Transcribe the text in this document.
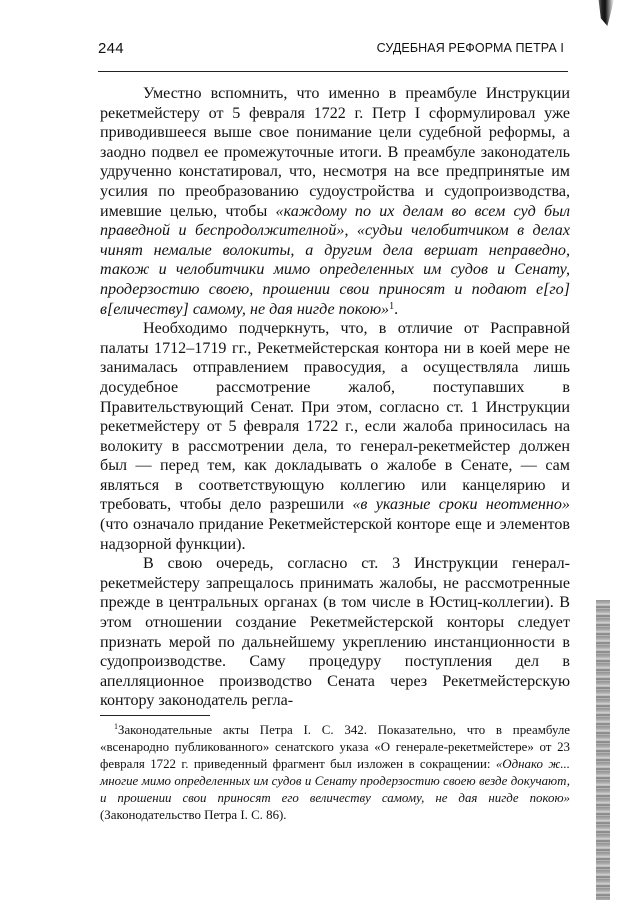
244	СУДЕБНАЯ РЕФОРМА ПЕТРА I

Уместно вспомнить, что именно в преамбуле Инструкции рекетмейстеру от 5 февраля 1722 г. Петр I сформулировал уже приводившееся выше свое понимание цели судебной реформы, а заодно подвел ее промежуточные итоги. В преамбуле законодатель удрученно констатировал, что, несмотря на все предпринятые им усилия по преобразованию судоустройства и судопроизводства, имевшие целью, чтобы «каждому по их делам во всем суд был праведной и беспродолжителной», «судьи челобитчиком в делах чинят немалые волокиты, а другим дела вершат неправедно, також и челобитчики мимо определенных им судов и Сенату, продерзостию своею, прошении свои приносят и подают е[го] в[еличеству] самому, не дая нигде покою»$^1$.

Необходимо подчеркнуть, что, в отличие от Расправной палаты 1712–1719 гг., Рекетмейстерская контора ни в коей мере не занималась отправлением правосудия, а осуществляла лишь досудебное рассмотрение жалоб, поступавших в Правительствующий Сенат. При этом, согласно ст. 1 Инструкции рекетмейстеру от 5 февраля 1722 г., если жалоба приносилась на волокиту в рассмотрении дела, то генерал-рекетмейстер должен был — перед тем, как докладывать о жалобе в Сенате, — сам являться в соответствующую коллегию или канцелярию и требовать, чтобы дело разрешили «в указные сроки неотменно» (что означало придание Рекетмейстерской конторе еще и элементов надзорной функции).

В свою очередь, согласно ст. 3 Инструкции генерал-рекетмейстеру запрещалось принимать жалобы, не рассмотренные прежде в центральных органах (в том числе в Юстиц-коллегии). В этом отношении создание Рекетмейстерской конторы следует признать мерой по дальнейшему укреплению инстанционности в судопроизводстве. Саму процедуру поступления дел в апелляционное производство Сената через Рекетмейстерскую контору законодатель регла-

$^1$Законодательные акты Петра I. С. 342. Показательно, что в преамбуле «всенародно публикованного» сенатского указа «О генерале-рекетмейстере» от 23 февраля 1722 г. приведенный фрагмент был изложен в сокращении: «Однако ж... многие мимо определенных им судов и Сенату продерзостию своею везде докучают, и прошении свои приносят его величеству самому, не дая нигде покою» (Законодательство Петра I. С. 86).
